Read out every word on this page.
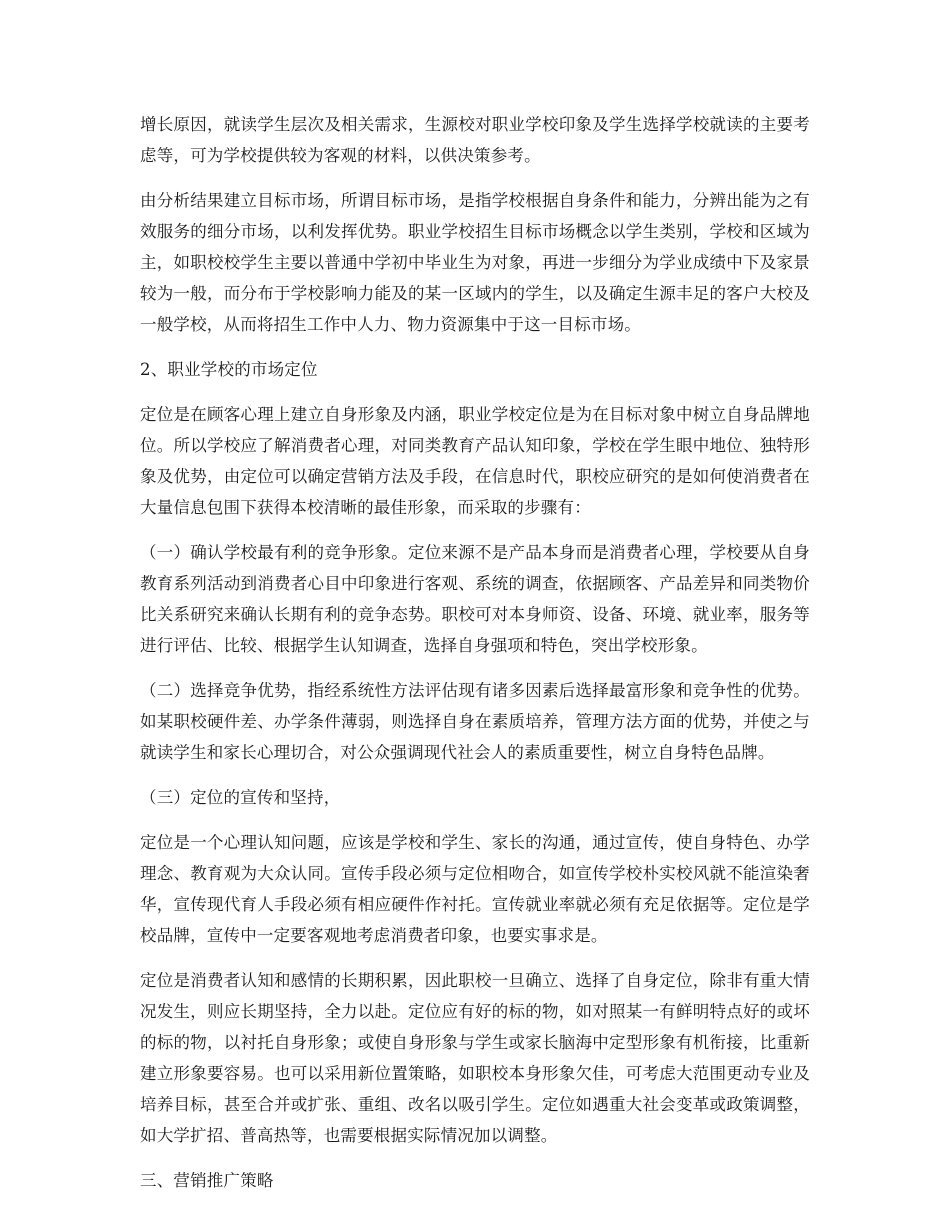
增长原因，就读学生层次及相关需求，生源校对职业学校印象及学生选择学校就读的主要考虑等，可为学校提供较为客观的材料，以供决策参考。

由分析结果建立目标市场，所谓目标市场，是指学校根据自身条件和能力，分辨出能为之有效服务的细分市场，以利发挥优势。职业学校招生目标市场概念以学生类别，学校和区域为主，如职校校学生主要以普通中学初中毕业生为对象，再进一步细分为学业成绩中下及家景较为一般，而分布于学校影响力能及的某一区域内的学生，以及确定生源丰足的客户大校及一般学校，从而将招生工作中人力、物力资源集中于这一目标市场。

2、职业学校的市场定位

定位是在顾客心理上建立自身形象及内涵，职业学校定位是为在目标对象中树立自身品牌地位。所以学校应了解消费者心理，对同类教育产品认知印象，学校在学生眼中地位、独特形象及优势，由定位可以确定营销方法及手段，在信息时代，职校应研究的是如何使消费者在大量信息包围下获得本校清晰的最佳形象，而采取的步骤有：

（一）确认学校最有利的竞争形象。定位来源不是产品本身而是消费者心理，学校要从自身教育系列活动到消费者心目中印象进行客观、系统的调查，依据顾客、产品差异和同类物价比关系研究来确认长期有利的竞争态势。职校可对本身师资、设备、环境、就业率，服务等进行评估、比较、根据学生认知调查，选择自身强项和特色，突出学校形象。

（二）选择竞争优势，指经系统性方法评估现有诸多因素后选择最富形象和竞争性的优势。如某职校硬件差、办学条件薄弱，则选择自身在素质培养，管理方法方面的优势，并使之与就读学生和家长心理切合，对公众强调现代社会人的素质重要性，树立自身特色品牌。

（三）定位的宣传和坚持，

定位是一个心理认知问题，应该是学校和学生、家长的沟通，通过宣传，使自身特色、办学理念、教育观为大众认同。宣传手段必须与定位相吻合，如宣传学校朴实校风就不能渲染奢华，宣传现代育人手段必须有相应硬件作衬托。宣传就业率就必须有充足依据等。定位是学校品牌，宣传中一定要客观地考虑消费者印象，也要实事求是。

定位是消费者认知和感情的长期积累，因此职校一旦确立、选择了自身定位，除非有重大情况发生，则应长期坚持，全力以赴。定位应有好的标的物，如对照某一有鲜明特点好的或坏的标的物，以衬托自身形象；或使自身形象与学生或家长脑海中定型形象有机衔接，比重新建立形象要容易。也可以采用新位置策略，如职校本身形象欠佳，可考虑大范围更动专业及培养目标，甚至合并或扩张、重组、改名以吸引学生。定位如遇重大社会变革或政策调整，如大学扩招、普高热等，也需要根据实际情况加以调整。

三、营销推广策略
